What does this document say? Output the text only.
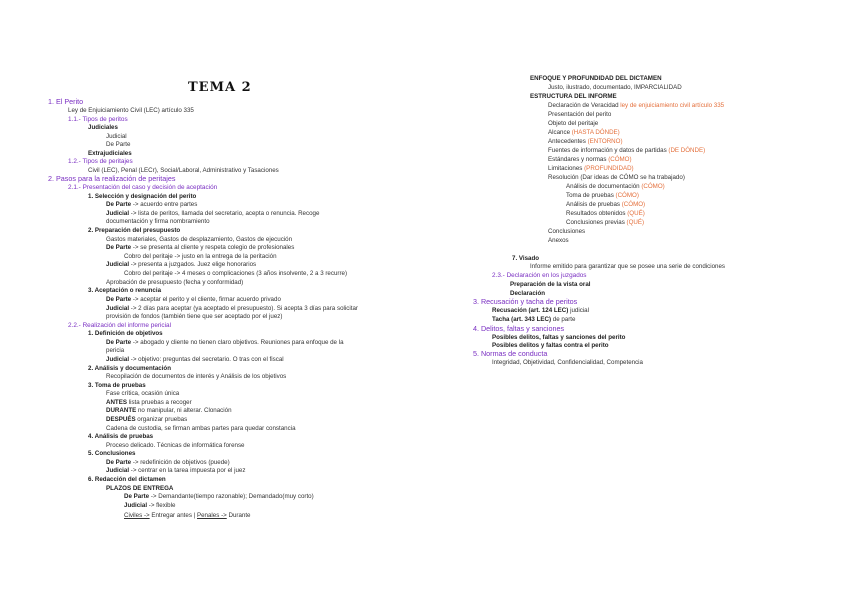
TEMA 2
1. El Perito
Ley de Enjuiciamiento Civil (LEC) artículo 335
1.1.- Tipos de peritos
Judiciales
Judicial
De Parte
Extrajudiciales
1.2.- Tipos de peritajes
Civil (LEC), Penal (LECr), Social/Laboral, Administrativo y Tasaciones
2. Pasos para la realización de peritajes
2.1.- Presentación del caso y decisión de aceptación
1. Selección y designación del perito
De Parte -> acuerdo entre partes
Judicial -> lista de peritos, llamada del secretario, acepta o renuncia. Recoge
documentación y firma nombramiento
2. Preparación del presupuesto
Gastos materiales, Gastos de desplazamiento, Gastos de ejecución
De Parte -> se presenta al cliente y respeta colegio de profesionales
Cobro del peritaje -> justo en la entrega de la peritación
Judicial -> presenta a juzgados. Juez elige honorarios
Cobro del peritaje -> 4 meses o complicaciones (3 años insolvente, 2 a 3 recurre)
Aprobación de presupuesto (fecha y conformidad)
3. Aceptación o renuncia
De Parte -> aceptar el perito y el cliente, firmar acuerdo privado
Judicial -> 2 días para aceptar (ya aceptado el presupuesto). Si acepta 3 días para solicitar
provisión de fondos (también tiene que ser aceptado por el juez)
2.2.- Realización del informe pericial
1. Definición de objetivos
De Parte -> abogado y cliente no tienen claro objetivos. Reuniones para enfoque de la
pericia
Judicial -> objetivo: preguntas del secretario. O tras con el fiscal
2. Análisis y documentación
Recopilación de documentos de interés y Análisis de los objetivos
3. Toma de pruebas
Fase crítica, ocasión única
ANTES lista pruebas a recoger
DURANTE no manipular, ni alterar. Clonación
DESPUÉS organizar pruebas
Cadena de custodia, se firman ambas partes para quedar constancia
4. Análisis de pruebas
Proceso delicado. Técnicas de informática forense
5. Conclusiones
De Parte -> redefinición de objetivos (puede)
Judicial -> centrar en la tarea impuesta por el juez
6. Redacción del dictamen
PLAZOS DE ENTREGA
De Parte -> Demandante(tiempo razonable); Demandado(muy corto)
Judicial -> flexible
Civiles -> Entregar antes | Penales -> Durante
ENFOQUE Y PROFUNDIDAD DEL DICTAMEN
Justo, ilustrado, documentado, IMPARCIALIDAD
ESTRUCTURA DEL INFORME
Declaración de Veracidad ley de enjuiciamiento civil artículo 335
Presentación del perito
Objeto del peritaje
Alcance (HASTA DÓNDE)
Antecedentes (ENTORNO)
Fuentes de información y datos de partidas (DE DÓNDE)
Estándares y normas (CÓMO)
Limitaciones (PROFUNDIDAD)
Resolución (Dar ideas de CÓMO se ha trabajado)
Análisis de documentación (CÓMO)
Toma de pruebas (CÓMO)
Análisis de pruebas (CÓMO)
Resultados obtenidos (QUÉ)
Conclusiones previas (QUÉ)
Conclusiones
Anexos
7. Visado
Informe emitido para garantizar que se posee una serie de condiciones
2.3.- Declaración en los juzgados
Preparación de la vista oral
Declaración
3. Recusación y tacha de peritos
Recusación (art. 124 LEC) judicial
Tacha (art. 343 LEC) de parte
4. Delitos, faltas y sanciones
Posibles delitos, faltas y sanciones del perito
Posibles delitos y faltas contra el perito
5. Normas de conducta
Integridad, Objetividad, Confidencialidad, Competencia
